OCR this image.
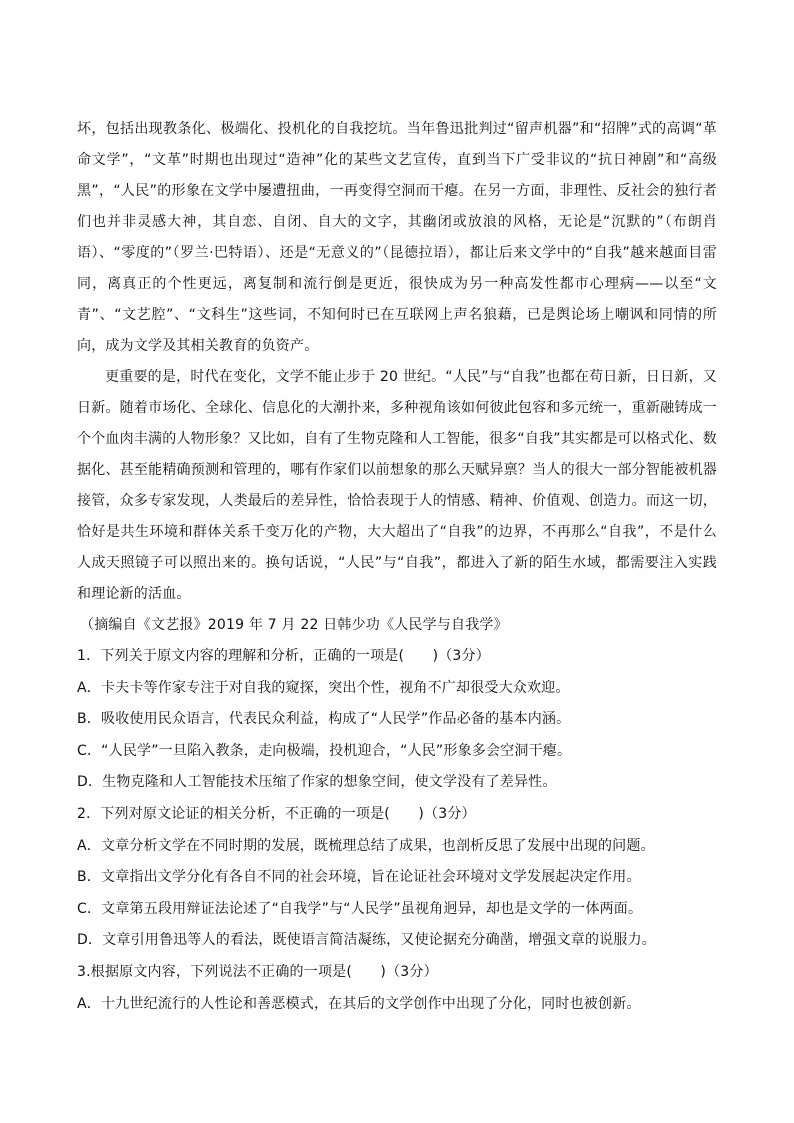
坏，包括出现教条化、极端化、投机化的自我挖坑。当年鲁迅批判过“留声机器”和“招牌”式的高调“革命文学”，“文革”时期也出现过“造神”化的某些文艺宣传，直到当下广受非议的“抗日神剧”和“高级黑”，“人民”的形象在文学中屡遭扭曲，一再变得空洞而干瘪。在另一方面，非理性、反社会的独行者们也并非灵感大神，其自恋、自闭、自大的文字，其幽闭或放浪的风格，无论是“沉默的”（布朗肖语）、“零度的”（罗兰·巴特语）、还是“无意义的”（昆德拉语），都让后来文学中的“自我”越来越面目雷同，离真正的个性更远，离复制和流行倒是更近，很快成为另一种高发性都市心理病——以至“文青”、“文艺腔”、“文科生”这些词，不知何时已在互联网上声名狼藉，已是舆论场上嘲讽和同情的所向，成为文学及其相关教育的负资产。

更重要的是，时代在变化，文学不能止步于 20 世纪。“人民”与“自我”也都在苟日新，日日新，又日新。随着市场化、全球化、信息化的大潮扑来，多种视角该如何彼此包容和多元统一，重新融铸成一个个血肉丰满的人物形象？又比如，自有了生物克隆和人工智能，很多“自我”其实都是可以格式化、数据化、甚至能精确预测和管理的，哪有作家们以前想象的那么天赋异禀？当人的很大一部分智能被机器接管，众多专家发现，人类最后的差异性，恰恰表现于人的情感、精神、价值观、创造力。而这一切，恰好是共生环境和群体关系千变万化的产物，大大超出了“自我”的边界，不再那么“自我”，不是什么人成天照镜子可以照出来的。换句话说，“人民”与“自我”，都进入了新的陌生水域，都需要注入实践和理论新的活血。

（摘编自《文艺报》2019 年 7 月 22 日韩少功《人民学与自我学》

1．下列关于原文内容的理解和分析，正确的一项是(　　)（3分）

A．卡夫卡等作家专注于对自我的窥探，突出个性，视角不广却很受大众欢迎。

B．吸收使用民众语言，代表民众利益，构成了“人民学”作品必备的基本内涵。

C．“人民学”一旦陷入教条，走向极端，投机迎合，“人民”形象多会空洞干瘪。

D．生物克隆和人工智能技术压缩了作家的想象空间，使文学没有了差异性。

2．下列对原文论证的相关分析，不正确的一项是(　　)（3分）

A．文章分析文学在不同时期的发展，既梳理总结了成果，也剖析反思了发展中出现的问题。

B．文章指出文学分化有各自不同的社会环境，旨在论证社会环境对文学发展起决定作用。

C．文章第五段用辩证法论述了“自我学”与“人民学”虽视角迥异，却也是文学的一体两面。

D．文章引用鲁迅等人的看法，既使语言简洁凝练，又使论据充分确凿，增强文章的说服力。

3.根据原文内容，下列说法不正确的一项是(　　)（3分）

A．十九世纪流行的人性论和善恶模式，在其后的文学创作中出现了分化，同时也被创新。
